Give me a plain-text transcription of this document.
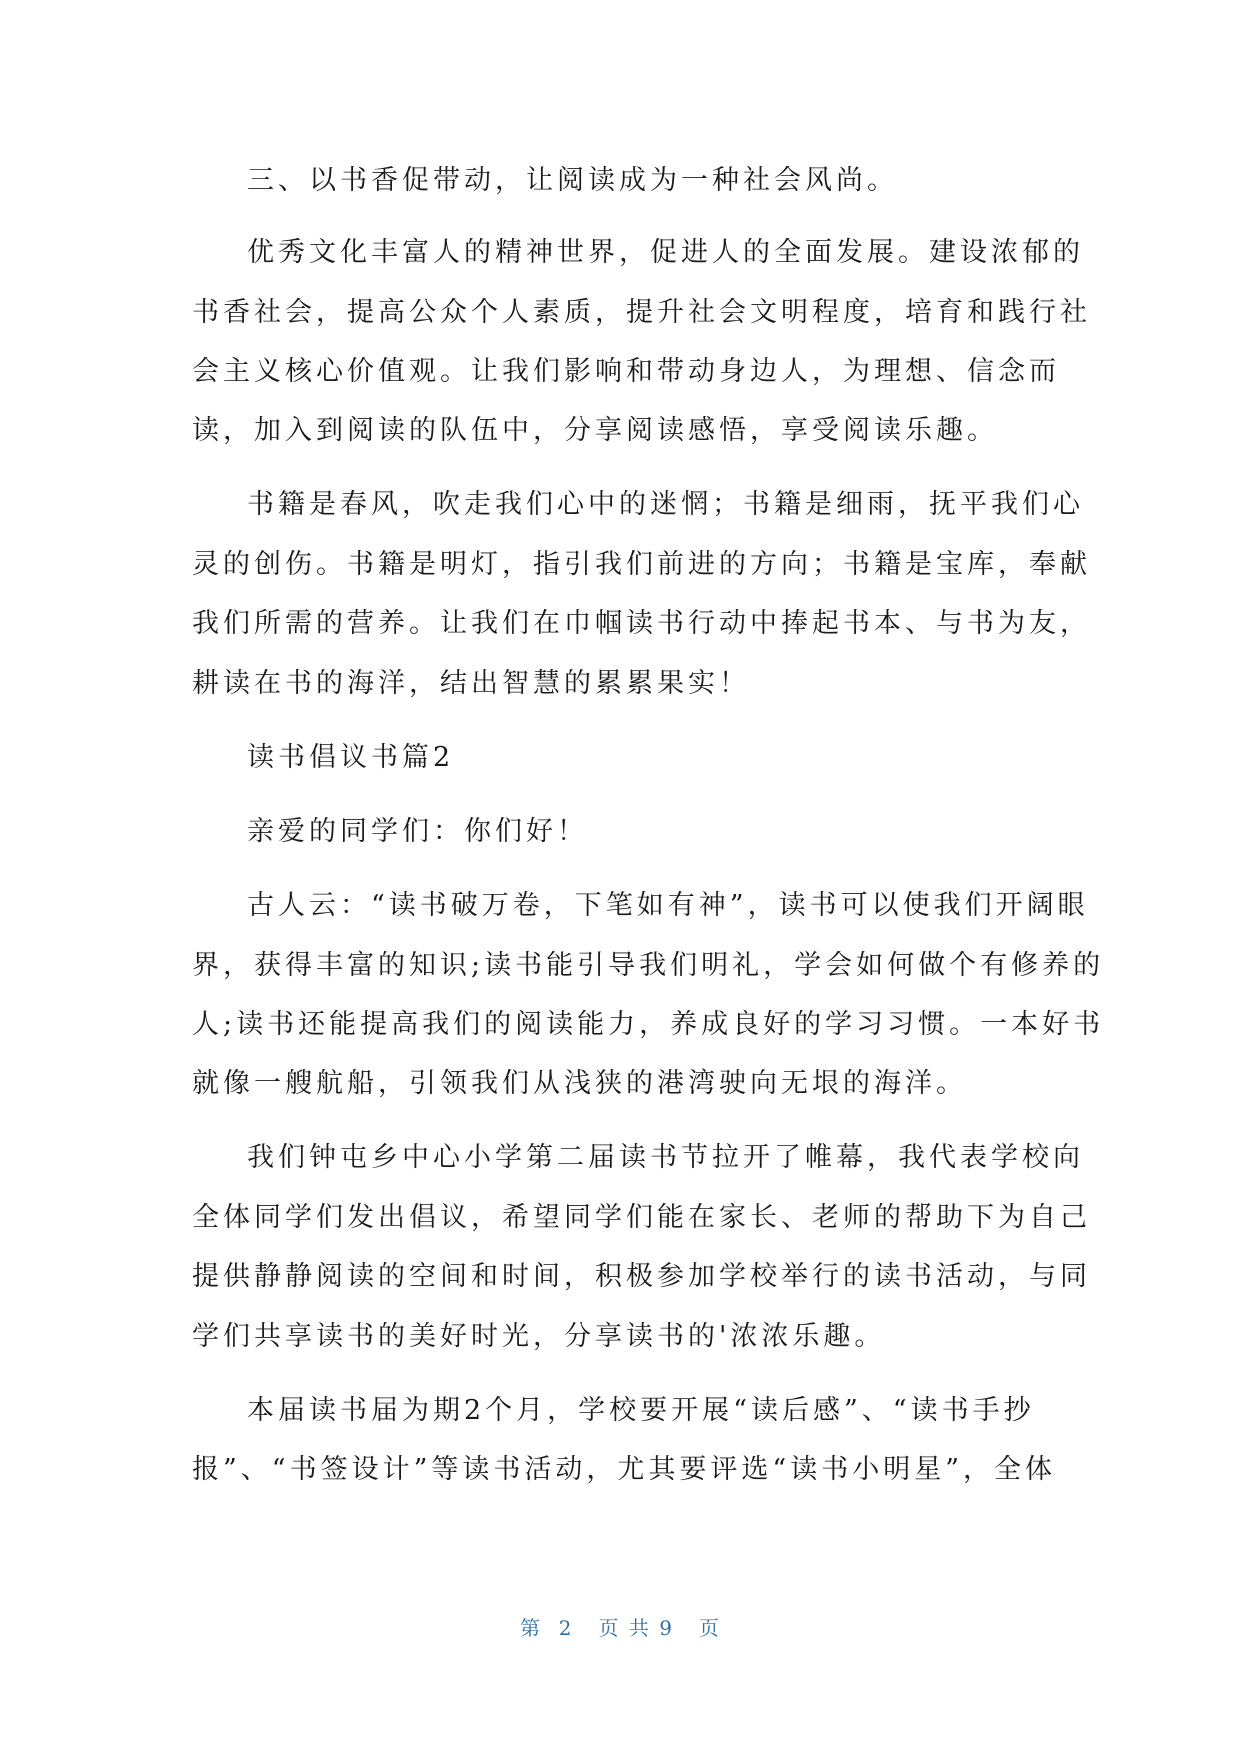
三、以书香促带动，让阅读成为一种社会风尚。
优秀文化丰富人的精神世界，促进人的全面发展。建设浓郁的
书香社会，提高公众个人素质，提升社会文明程度，培育和践行社
会主义核心价值观。让我们影响和带动身边人，为理想、信念而
读，加入到阅读的队伍中，分享阅读感悟，享受阅读乐趣。
书籍是春风，吹走我们心中的迷惘；书籍是细雨，抚平我们心
灵的创伤。书籍是明灯，指引我们前进的方向；书籍是宝库，奉献
我们所需的营养。让我们在巾帼读书行动中捧起书本、与书为友，
耕读在书的海洋，结出智慧的累累果实！
读书倡议书篇2
亲爱的同学们：你们好！
古人云：“读书破万卷，下笔如有神”，读书可以使我们开阔眼
界，获得丰富的知识;读书能引导我们明礼，学会如何做个有修养的
人;读书还能提高我们的阅读能力，养成良好的学习习惯。一本好书
就像一艘航船，引领我们从浅狭的港湾驶向无垠的海洋。
我们钟屯乡中心小学第二届读书节拉开了帷幕，我代表学校向
全体同学们发出倡议，希望同学们能在家长、老师的帮助下为自己
提供静静阅读的空间和时间，积极参加学校举行的读书活动，与同
学们共享读书的美好时光，分享读书的'浓浓乐趣。
本届读书届为期2个月，学校要开展“读后感”、“读书手抄
报”、“书签设计”等读书活动，尤其要评选“读书小明星”，全体
第  2   页 共 9   页
